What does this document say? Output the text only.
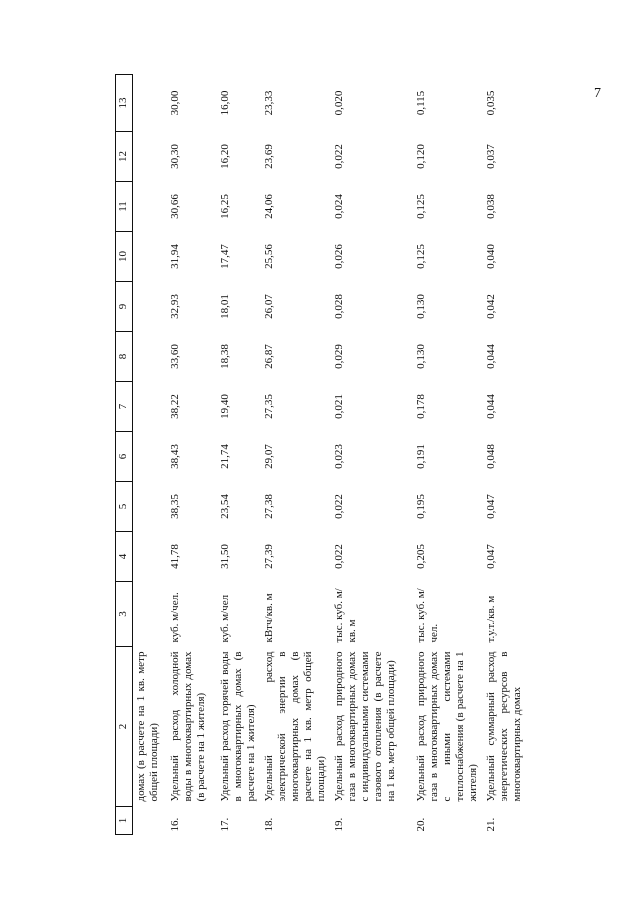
7
1	2	3	4	5	6	7	8	9	10	11	12	13
	домах (в расчете на 1 кв. метр общей площади)											
16.	Удельный расход холодной воды в многоквартирных домах (в расчете на 1 жителя)	куб. м/чел.	41,78	38,35	38,43	38,22	33,60	32,93	31,94	30,66	30,30	30,00
17.	Удельный расход горячей воды в многоквартирных домах (в расчете на 1 жителя)	куб. м/чел	31,50	23,54	21,74	19,40	18,38	18,01	17,47	16,25	16,20	16,00
18.	Удельный расход электрической энергии в многоквартирных домах (в расчете на 1 кв. метр общей площади)	кВтч/кв. м	27,39	27,38	29,07	27,35	26,87	26,07	25,56	24,06	23,69	23,33
19.	Удельный расход природного газа в многоквартирных домах с индивидуальными системами газового отопления (в расчете на 1 кв. метр общей площади)	тыс. куб. м/ кв. м	0,022	0,022	0,023	0,021	0,029	0,028	0,026	0,024	0,022	0,020
20.	Удельный расход природного газа в многоквартирных домах с иными системами теплоснабжения (в расчете на 1 жителя)	тыс. куб. м/ чел.	0,205	0,195	0,191	0,178	0,130	0,130	0,125	0,125	0,120	0,115
21.	Удельный суммарный расход энергетических ресурсов в многоквартирных домах	т.у.т./кв. м	0,047	0,047	0,048	0,044	0,044	0,042	0,040	0,038	0,037	0,035
